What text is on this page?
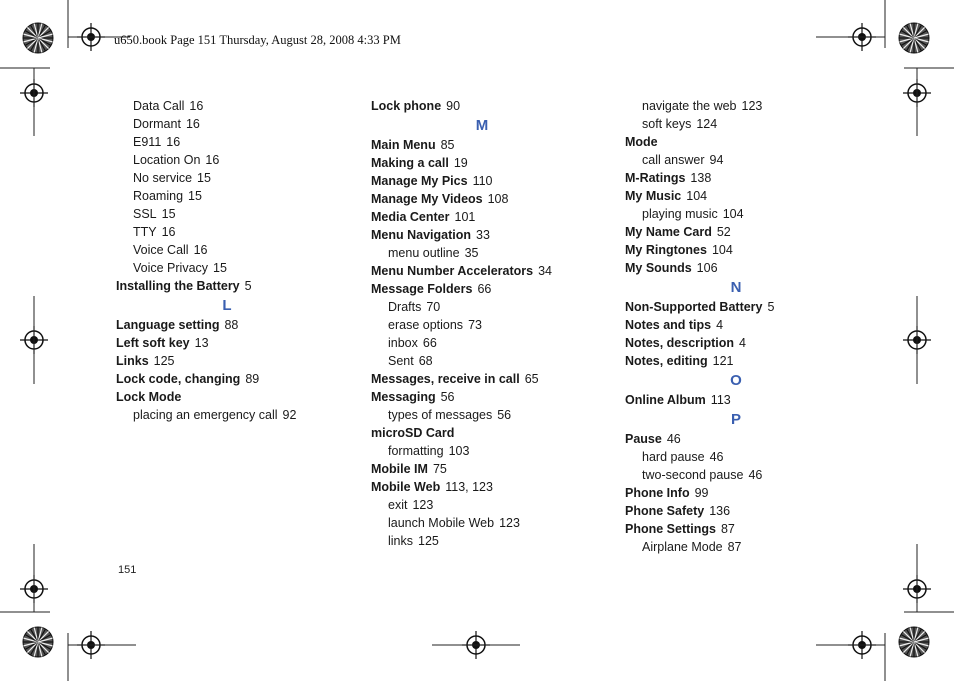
u650.book Page 151 Thursday, August 28, 2008 4:33 PM
Data Call 16
Dormant 16
E911 16
Location On 16
No service 15
Roaming 15
SSL 15
TTY 16
Voice Call 16
Voice Privacy 15
Installing the Battery 5
L
Language setting 88
Left soft key 13
Links 125
Lock code, changing 89
Lock Mode
placing an emergency call 92
Lock phone 90
M
Main Menu 85
Making a call 19
Manage My Pics 110
Manage My Videos 108
Media Center 101
Menu Navigation 33
menu outline 35
Menu Number Accelerators 34
Message Folders 66
Drafts 70
erase options 73
inbox 66
Sent 68
Messages, receive in call 65
Messaging 56
types of messages 56
microSD Card
formatting 103
Mobile IM 75
Mobile Web 113, 123
exit 123
launch Mobile Web 123
links 125
navigate the web 123
soft keys 124
Mode
call answer 94
M-Ratings 138
My Music 104
playing music 104
My Name Card 52
My Ringtones 104
My Sounds 106
N
Non-Supported Battery 5
Notes and tips 4
Notes, description 4
Notes, editing 121
O
Online Album 113
P
Pause 46
hard pause 46
two-second pause 46
Phone Info 99
Phone Safety 136
Phone Settings 87
Airplane Mode 87
151
